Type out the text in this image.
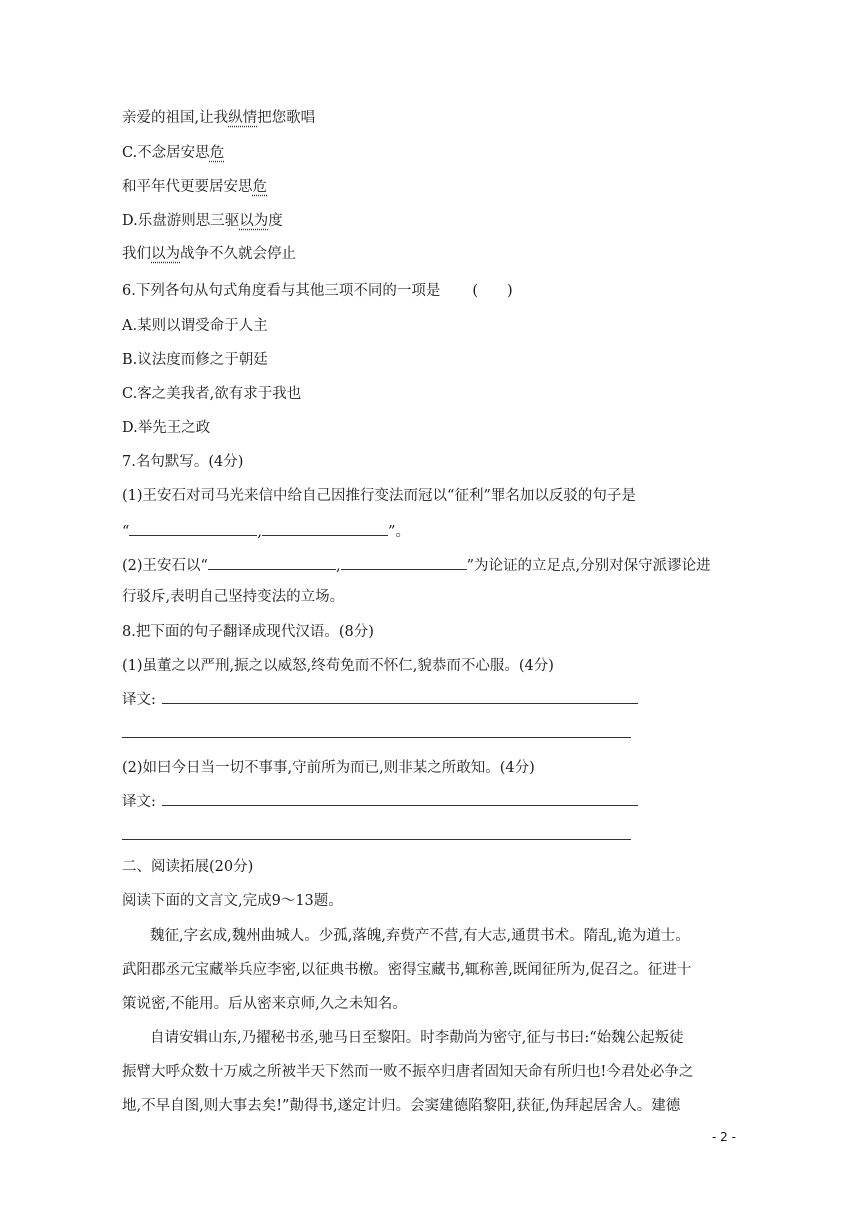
亲爱的祖国,让我纵情把您歌唱
C.不念居安思危
和平年代更要居安思危
D.乐盘游则思三驱以为度
我们以为战争不久就会停止
6.下列各句从句式角度看与其他三项不同的一项是 (　　)
A.某则以谓受命于人主
B.议法度而修之于朝廷
C.客之美我者,欲有求于我也
D.举先王之政
7.名句默写。(4分)
(1)王安石对司马光来信中给自己因推行变法而冠以“征利”罪名加以反驳的句子是
“	,	”。
(2)王安石以“	,	”为论证的立足点,分别对保守派谬论进
行驳斥,表明自己坚持变法的立场。
8.把下面的句子翻译成现代汉语。(8分)
(1)虽董之以严刑,振之以威怒,终苟免而不怀仁,貌恭而不心服。(4分)
译文:
(2)如曰今日当一切不事事,守前所为而已,则非某之所敢知。(4分)
译文:
二、阅读拓展(20分)
阅读下面的文言文,完成9～13题。
魏征,字玄成,魏州曲城人。少孤,落魄,弃赀产不营,有大志,通贯书术。隋乱,诡为道士。
武阳郡丞元宝藏举兵应李密,以征典书檄。密得宝藏书,辄称善,既闻征所为,促召之。征进十
策说密,不能用。后从密来京师,久之未知名。
自请安辑山东,乃擢秘书丞,驰马日至黎阳。时李勣尚为密守,征与书曰:“始魏公起叛徒
振臂大呼众数十万威之所被半天下然而一败不振卒归唐者固知天命有所归也!今君处必争之
地,不早自图,则大事去矣!”勣得书,遂定计归。会窦建德陷黎阳,获征,伪拜起居舍人。建德
- 2 -
